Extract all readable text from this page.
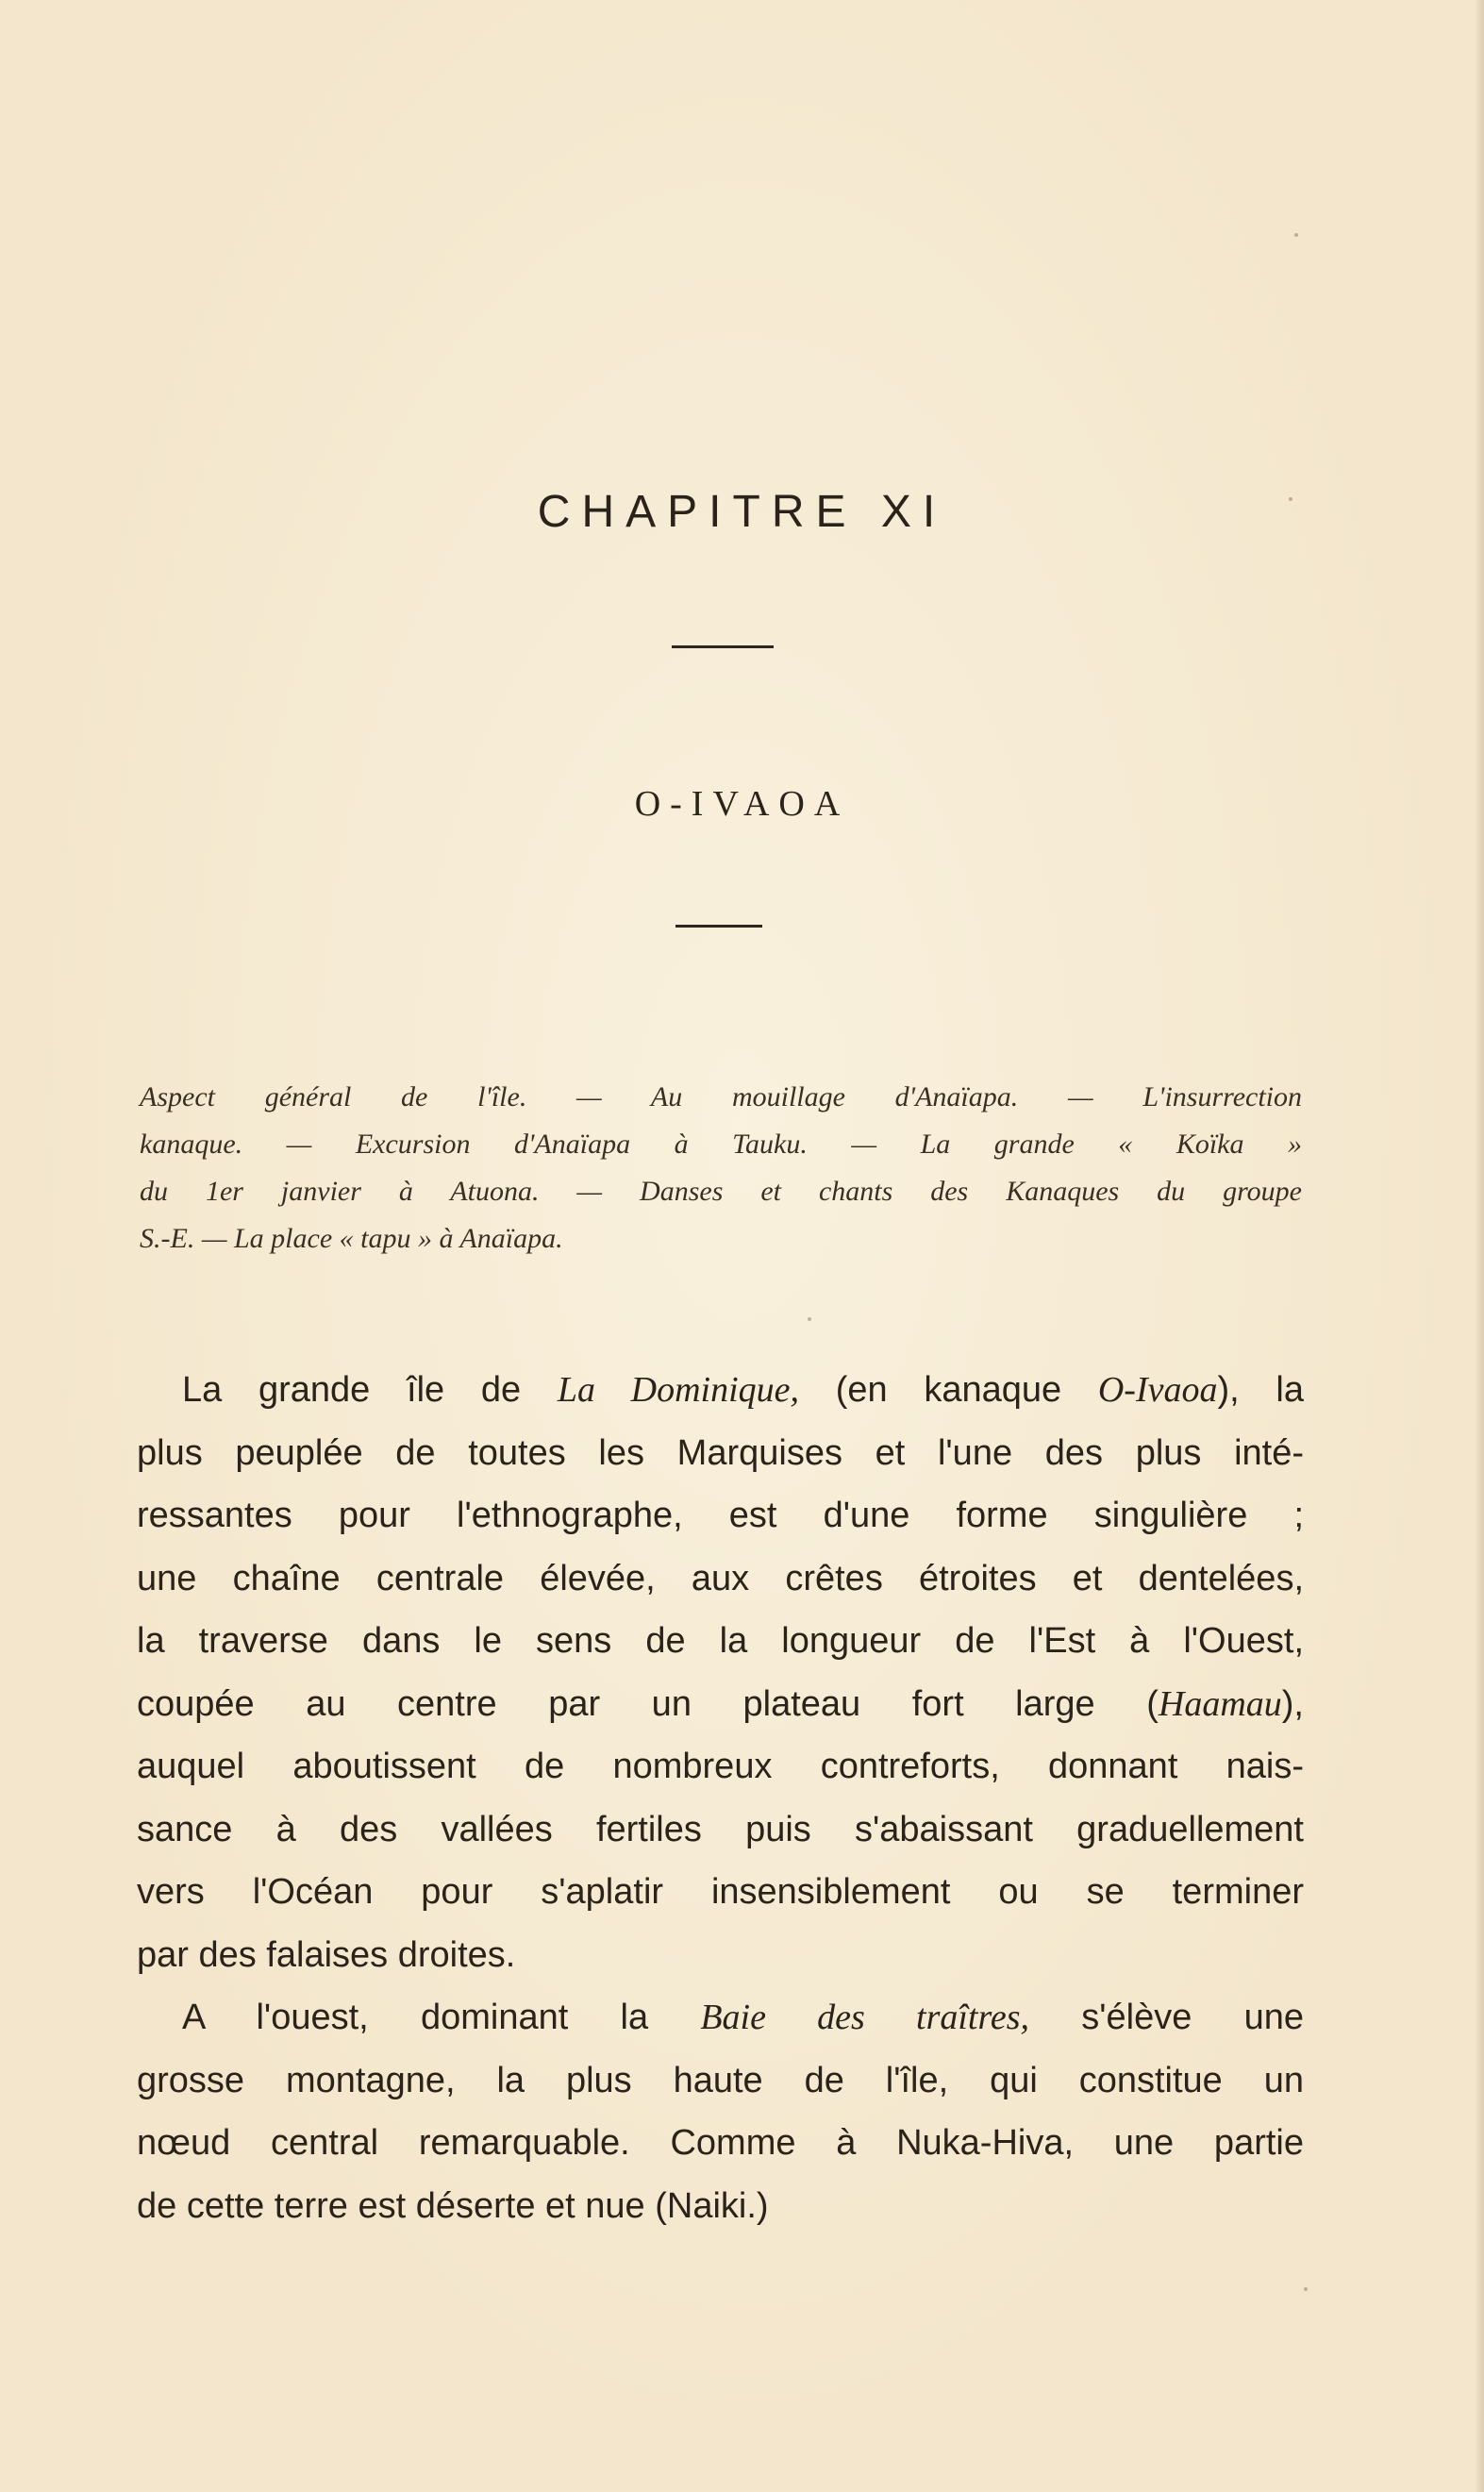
CHAPITRE XI
O-IVAOA
Aspect général de l'île. — Au mouillage d'Anaïapa. — L'insurrection
kanaque. — Excursion d'Anaïapa à Tauku. — La grande « Koïka »
du 1er janvier à Atuona. — Danses et chants des Kanaques du groupe
S.-E. — La place « tapu » à Anaïapa.
La grande île de La Dominique, (en kanaque O-Ivaoa), la
plus peuplée de toutes les Marquises et l'une des plus inté-
ressantes pour l'ethnographe, est d'une forme singulière ;
une chaîne centrale élevée, aux crêtes étroites et dentelées,
la traverse dans le sens de la longueur de l'Est à l'Ouest,
coupée au centre par un plateau fort large (Haamau),
auquel aboutissent de nombreux contreforts, donnant nais-
sance à des vallées fertiles puis s'abaissant graduellement
vers l'Océan pour s'aplatir insensiblement ou se terminer
par des falaises droites.
A l'ouest, dominant la Baie des traîtres, s'élève une
grosse montagne, la plus haute de l'île, qui constitue un
nœud central remarquable. Comme à Nuka-Hiva, une partie
de cette terre est déserte et nue (Naiki.)
